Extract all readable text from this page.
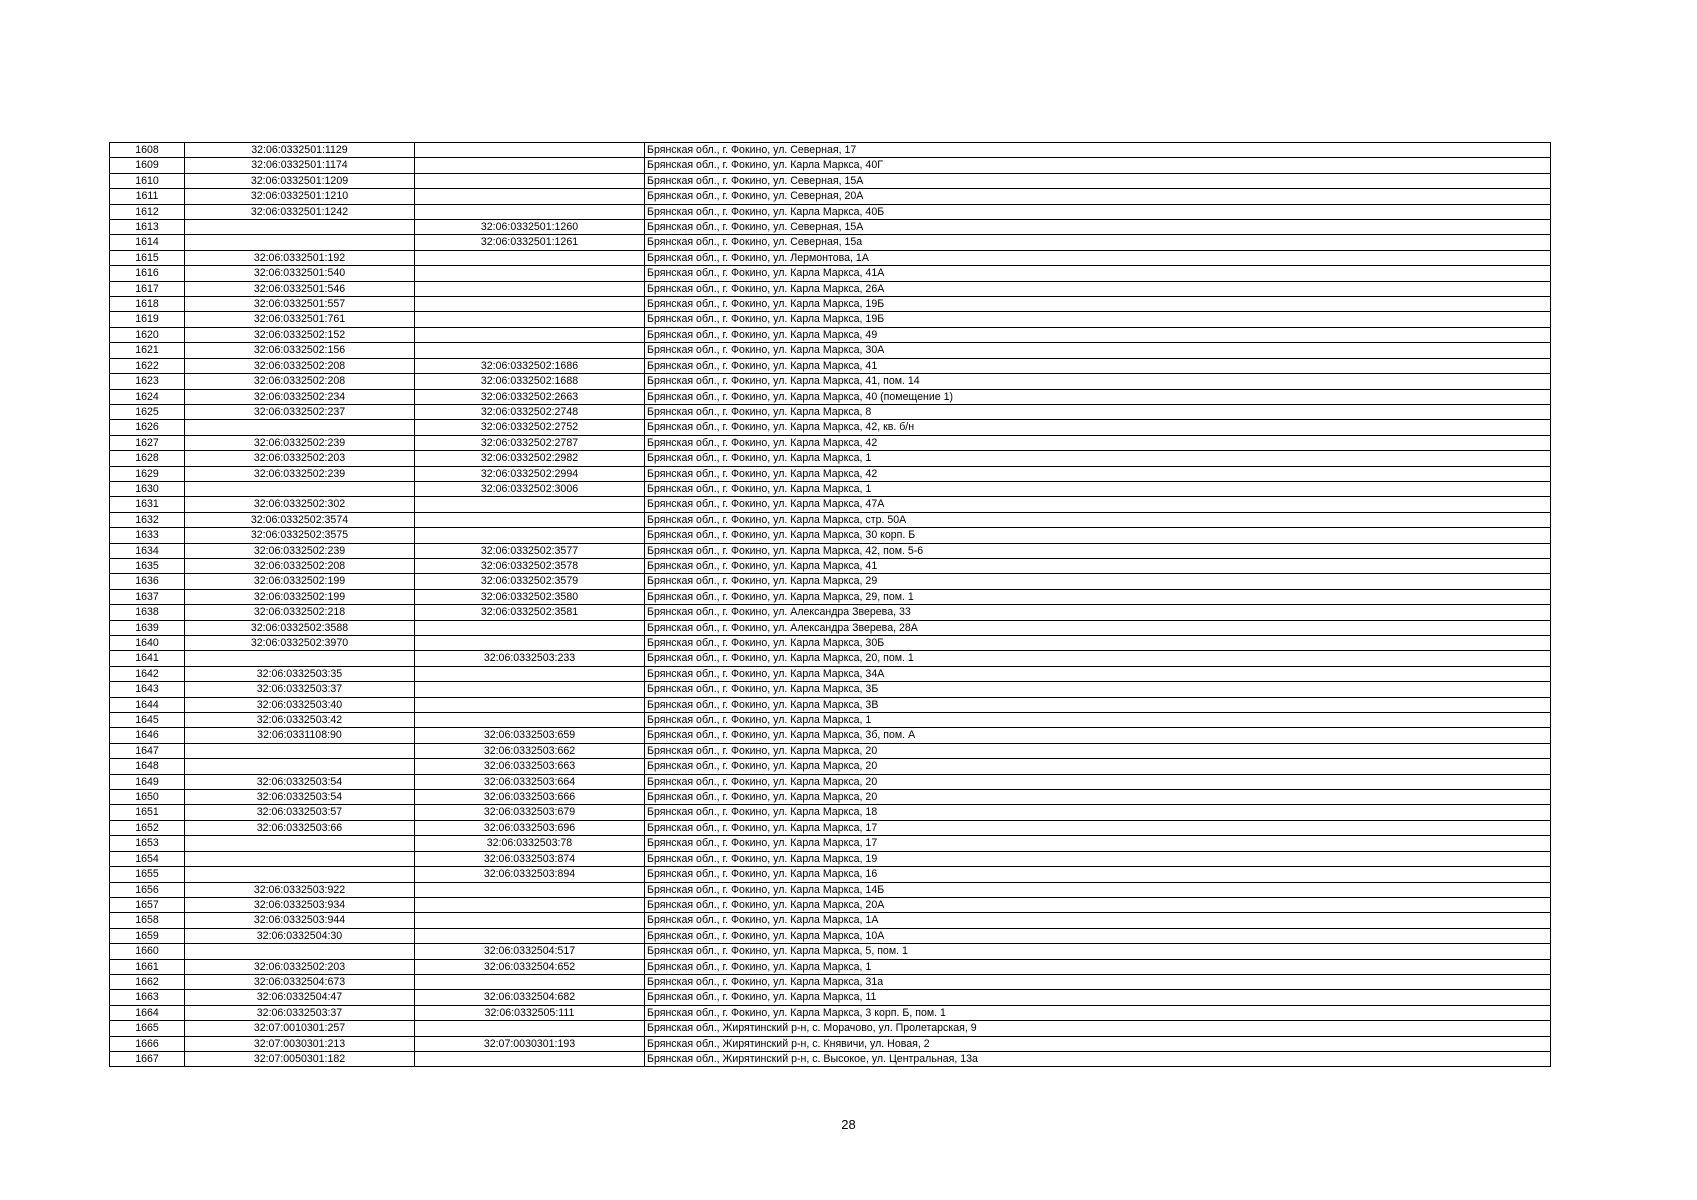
1608	32:06:0332501:1129		Брянская обл., г. Фокино, ул. Северная, 17
1609	32:06:0332501:1174		Брянская обл., г. Фокино, ул. Карла Маркса, 40Г
1610	32:06:0332501:1209		Брянская обл., г. Фокино, ул. Северная, 15А
1611	32:06:0332501:1210		Брянская обл., г. Фокино, ул. Северная, 20А
1612	32:06:0332501:1242		Брянская обл., г. Фокино, ул. Карла Маркса, 40Б
1613		32:06:0332501:1260	Брянская обл., г. Фокино, ул. Северная, 15А
1614		32:06:0332501:1261	Брянская обл., г. Фокино, ул. Северная, 15а
1615	32:06:0332501:192		Брянская обл., г. Фокино, ул. Лермонтова, 1А
1616	32:06:0332501:540		Брянская обл., г. Фокино, ул. Карла Маркса, 41А
1617	32:06:0332501:546		Брянская обл., г. Фокино, ул. Карла Маркса, 26А
1618	32:06:0332501:557		Брянская обл., г. Фокино, ул. Карла Маркса, 19Б
1619	32:06:0332501:761		Брянская обл., г. Фокино, ул. Карла Маркса, 19Б
1620	32:06:0332502:152		Брянская обл., г. Фокино, ул. Карла Маркса, 49
1621	32:06:0332502:156		Брянская обл., г. Фокино, ул. Карла Маркса, 30А
1622	32:06:0332502:208	32:06:0332502:1686	Брянская обл., г. Фокино, ул. Карла Маркса, 41
1623	32:06:0332502:208	32:06:0332502:1688	Брянская обл., г. Фокино, ул. Карла Маркса, 41, пом. 14
1624	32:06:0332502:234	32:06:0332502:2663	Брянская обл., г. Фокино, ул. Карла Маркса, 40 (помещение 1)
1625	32:06:0332502:237	32:06:0332502:2748	Брянская обл., г. Фокино, ул. Карла Маркса, 8
1626		32:06:0332502:2752	Брянская обл., г. Фокино, ул. Карла Маркса, 42, кв. б/н
1627	32:06:0332502:239	32:06:0332502:2787	Брянская обл., г. Фокино, ул. Карла Маркса, 42
1628	32:06:0332502:203	32:06:0332502:2982	Брянская обл., г. Фокино, ул. Карла Маркса, 1
1629	32:06:0332502:239	32:06:0332502:2994	Брянская обл., г. Фокино, ул. Карла Маркса, 42
1630		32:06:0332502:3006	Брянская обл., г. Фокино, ул. Карла Маркса, 1
1631	32:06:0332502:302		Брянская обл., г. Фокино, ул. Карла Маркса, 47А
1632	32:06:0332502:3574		Брянская обл., г. Фокино, ул. Карла Маркса, стр. 50А
1633	32:06:0332502:3575		Брянская обл., г. Фокино, ул. Карла Маркса, 30 корп. Б
1634	32:06:0332502:239	32:06:0332502:3577	Брянская обл., г. Фокино, ул. Карла Маркса, 42, пом. 5-6
1635	32:06:0332502:208	32:06:0332502:3578	Брянская обл., г. Фокино, ул. Карла Маркса, 41
1636	32:06:0332502:199	32:06:0332502:3579	Брянская обл., г. Фокино, ул. Карла Маркса, 29
1637	32:06:0332502:199	32:06:0332502:3580	Брянская обл., г. Фокино, ул. Карла Маркса, 29, пом. 1
1638	32:06:0332502:218	32:06:0332502:3581	Брянская обл., г. Фокино, ул. Александра Зверева, 33
1639	32:06:0332502:3588		Брянская обл., г. Фокино, ул. Александра Зверева, 28А
1640	32:06:0332502:3970		Брянская обл., г. Фокино, ул. Карла Маркса, 30Б
1641		32:06:0332503:233	Брянская обл., г. Фокино, ул. Карла Маркса, 20, пом. 1
1642	32:06:0332503:35		Брянская обл., г. Фокино, ул. Карла Маркса, 34А
1643	32:06:0332503:37		Брянская обл., г. Фокино, ул. Карла Маркса, 3Б
1644	32:06:0332503:40		Брянская обл., г. Фокино, ул. Карла Маркса, 3В
1645	32:06:0332503:42		Брянская обл., г. Фокино, ул. Карла Маркса, 1
1646	32:06:0331108:90	32:06:0332503:659	Брянская обл., г. Фокино, ул. Карла Маркса, 3б, пом. А
1647		32:06:0332503:662	Брянская обл., г. Фокино, ул. Карла Маркса, 20
1648		32:06:0332503:663	Брянская обл., г. Фокино, ул. Карла Маркса, 20
1649	32:06:0332503:54	32:06:0332503:664	Брянская обл., г. Фокино, ул. Карла Маркса, 20
1650	32:06:0332503:54	32:06:0332503:666	Брянская обл., г. Фокино, ул. Карла Маркса, 20
1651	32:06:0332503:57	32:06:0332503:679	Брянская обл., г. Фокино, ул. Карла Маркса, 18
1652	32:06:0332503:66	32:06:0332503:696	Брянская обл., г. Фокино, ул. Карла Маркса, 17
1653		32:06:0332503:78	Брянская обл., г. Фокино, ул. Карла Маркса, 17
1654		32:06:0332503:874	Брянская обл., г. Фокино, ул. Карла Маркса, 19
1655		32:06:0332503:894	Брянская обл., г. Фокино, ул. Карла Маркса, 16
1656	32:06:0332503:922		Брянская обл., г. Фокино, ул. Карла Маркса, 14Б
1657	32:06:0332503:934		Брянская обл., г. Фокино, ул. Карла Маркса, 20А
1658	32:06:0332503:944		Брянская обл., г. Фокино, ул. Карла Маркса, 1А
1659	32:06:0332504:30		Брянская обл., г. Фокино, ул. Карла Маркса, 10А
1660		32:06:0332504:517	Брянская обл., г. Фокино, ул. Карла Маркса, 5, пом. 1
1661	32:06:0332502:203	32:06:0332504:652	Брянская обл., г. Фокино, ул. Карла Маркса, 1
1662	32:06:0332504:673		Брянская обл., г. Фокино, ул. Карла Маркса, 31а
1663	32:06:0332504:47	32:06:0332504:682	Брянская обл., г. Фокино, ул. Карла Маркса, 11
1664	32:06:0332503:37	32:06:0332505:111	Брянская обл., г. Фокино, ул. Карла Маркса, 3 корп. Б, пом. 1
1665	32:07:0010301:257		Брянская обл., Жирятинский р-н, с. Морачово, ул. Пролетарская, 9
1666	32:07:0030301:213	32:07:0030301:193	Брянская обл., Жирятинский р-н, с. Княвичи, ул. Новая, 2
1667	32:07:0050301:182		Брянская обл., Жирятинский р-н, с. Высокое, ул. Центральная, 13а
28
